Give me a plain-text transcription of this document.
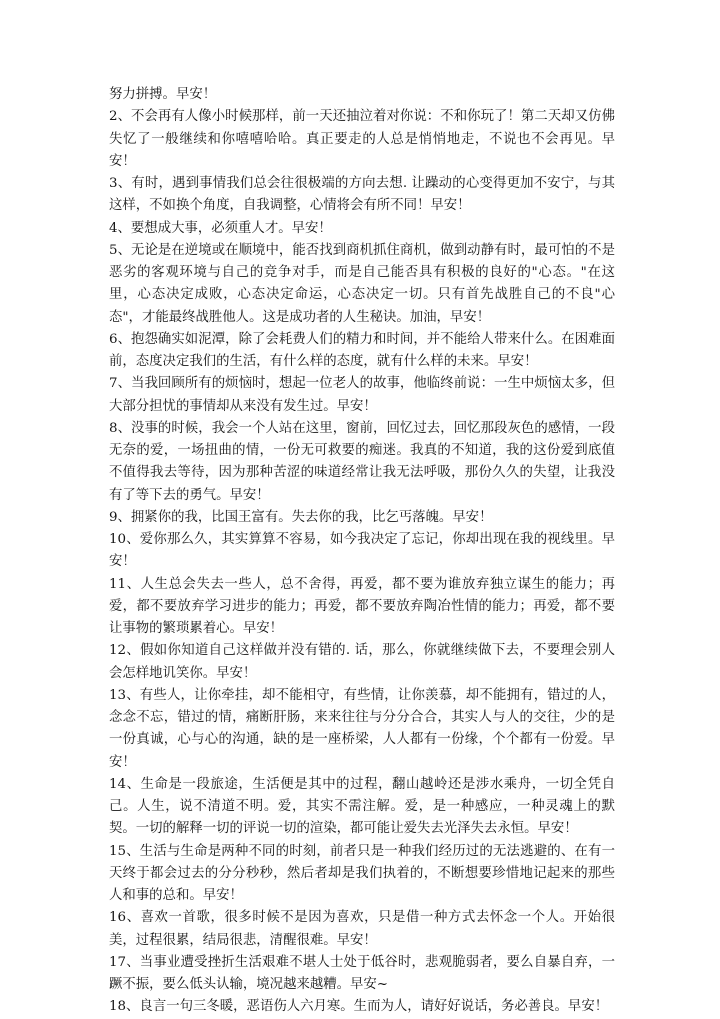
努力拼搏。早安！

2、不会再有人像小时候那样，前一天还抽泣着对你说：不和你玩了！第二天却又仿佛失忆了一般继续和你嘻嘻哈哈。真正要走的人总是悄悄地走，不说也不会再见。早安！

3、有时，遇到事情我们总会往很极端的方向去想. 让躁动的心变得更加不安宁，与其这样，不如换个角度，自我调整，心情将会有所不同！早安！

4、要想成大事，必须重人才。早安！

5、无论是在逆境或在顺境中，能否找到商机抓住商机，做到动静有时，最可怕的不是恶劣的客观环境与自己的竞争对手，而是自己能否具有积极的良好的"心态。"在这里，心态决定成败，心态决定命运，心态决定一切。只有首先战胜自己的不良"心态"，才能最终战胜他人。这是成功者的人生秘诀。加油，早安！

6、抱怨确实如泥潭，除了会耗费人们的精力和时间，并不能给人带来什么。在困难面前，态度决定我们的生活，有什么样的态度，就有什么样的未来。早安！

7、当我回顾所有的烦恼时，想起一位老人的故事，他临终前说：一生中烦恼太多，但大部分担忧的事情却从来没有发生过。早安！

8、没事的时候，我会一个人站在这里，窗前，回忆过去，回忆那段灰色的感情，一段无奈的爱，一场扭曲的情，一份无可救要的痴迷。我真的不知道，我的这份爱到底值不值得我去等待，因为那种苦涩的味道经常让我无法呼吸，那份久久的失望，让我没有了等下去的勇气。早安！

9、拥紧你的我，比国王富有。失去你的我，比乞丐落魄。早安！

10、爱你那么久，其实算算不容易，如今我决定了忘记，你却出现在我的视线里。早安！

11、人生总会失去一些人，总不舍得，再爱，都不要为谁放弃独立谋生的能力；再爱，都不要放弃学习进步的能力；再爱，都不要放弃陶冶性情的能力；再爱，都不要让事物的繁琐累着心。早安！

12、假如你知道自己这样做并没有错的. 话，那么，你就继续做下去，不要理会别人会怎样地讥笑你。早安！

13、有些人，让你牵挂，却不能相守，有些情，让你羡慕，却不能拥有，错过的人，念念不忘，错过的情，痛断肝肠，来来往往与分分合合，其实人与人的交往，少的是一份真诚，心与心的沟通，缺的是一座桥梁，人人都有一份缘，个个都有一份爱。早安！

14、生命是一段旅途，生活便是其中的过程，翻山越岭还是涉水乘舟，一切全凭自己。人生，说不清道不明。爱，其实不需注解。爱，是一种感应，一种灵魂上的默契。一切的解释一切的评说一切的渲染，都可能让爱失去光泽失去永恒。早安！

15、生活与生命是两种不同的时刻，前者只是一种我们经历过的无法逃避的、在有一天终于都会过去的分分秒秒，然后者却是我们执着的，不断想要珍惜地记起来的那些人和事的总和。早安！

16、喜欢一首歌，很多时候不是因为喜欢，只是借一种方式去怀念一个人。开始很美，过程很累，结局很悲，清醒很难。早安！

17、当事业遭受挫折生活艰难不堪人士处于低谷时，悲观脆弱者，要么自暴自弃，一蹶不振，要么低头认输，境况越来越糟。早安~

18、良言一句三冬暖，恶语伤人六月寒。生而为人，请好好说话，务必善良。早安！
